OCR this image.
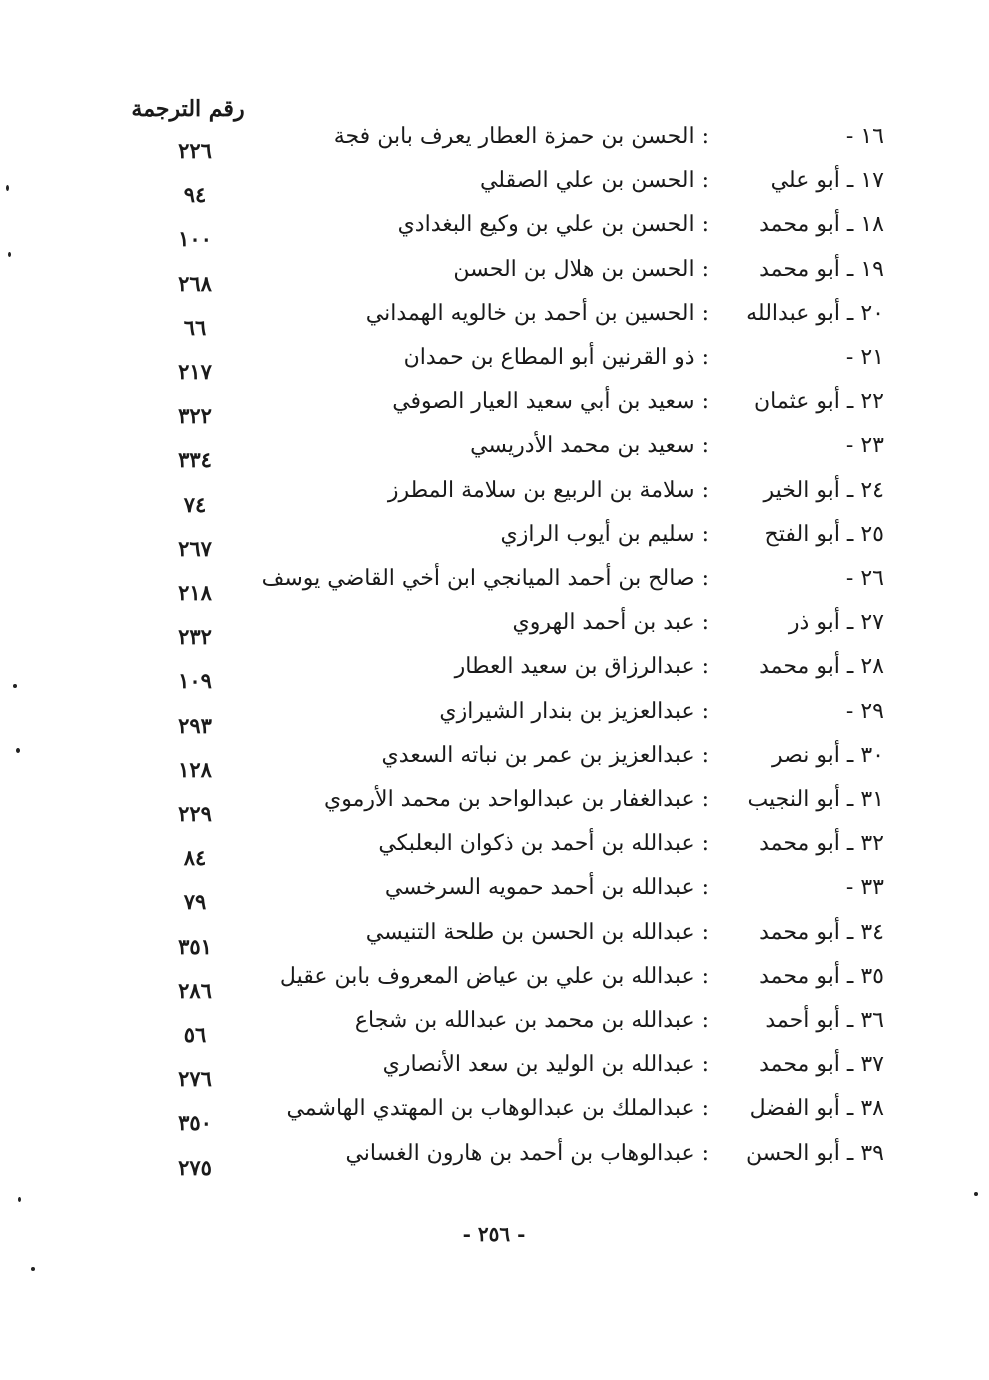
رقم الترجمة
١٦ -
: الحسن بن حمزة العطار يعرف بابن فجة
٢٢٦
١٧ ـ أبو علي
: الحسن بن علي الصقلي
٩٤
١٨ ـ أبو محمد
: الحسن بن علي بن وكيع البغدادي
١٠٠
١٩ ـ أبو محمد
: الحسن بن هلال بن الحسن
٢٦٨
٢٠ ـ أبو عبدالله
: الحسين بن أحمد بن خالويه الهمداني
٦٦
٢١ -
: ذو القرنين أبو المطاع بن حمدان
٢١٧
٢٢ ـ أبو عثمان
: سعيد بن أبي سعيد العيار الصوفي
٣٢٢
٢٣ -
: سعيد بن محمد الأدريسي
٣٣٤
٢٤ ـ أبو الخير
: سلامة بن الربيع بن سلامة المطرز
٧٤
٢٥ ـ أبو الفتح
: سليم بن أيوب الرازي
٢٦٧
٢٦ -
: صالح بن أحمد الميانجي ابن أخي القاضي يوسف
٢١٨
٢٧ ـ أبو ذر
: عبد بن أحمد الهروي
٢٣٢
٢٨ ـ أبو محمد
: عبدالرزاق بن سعيد العطار
١٠٩
٢٩ -
: عبدالعزيز بن بندار الشيرازي
٢٩٣
٣٠ ـ أبو نصر
: عبدالعزيز بن عمر بن نباته السعدي
١٢٨
٣١ ـ أبو النجيب
: عبدالغفار بن عبدالواحد بن محمد الأرموي
٢٢٩
٣٢ ـ أبو محمد
: عبدالله بن أحمد بن ذكوان البعلبكي
٨٤
٣٣ -
: عبدالله بن أحمد حمويه السرخسي
٧٩
٣٤ ـ أبو محمد
: عبدالله بن الحسن بن طلحة التنيسي
٣٥١
٣٥ ـ أبو محمد
: عبدالله بن علي بن عياض المعروف بابن عقيل
٢٨٦
٣٦ ـ أبو أحمد
: عبدالله بن محمد بن عبدالله بن شجاع
٥٦
٣٧ ـ أبو محمد
: عبدالله بن الوليد بن سعد الأنصاري
٢٧٦
٣٨ ـ أبو الفضل
: عبدالملك بن عبدالوهاب بن المهتدي الهاشمي
٣٥٠
٣٩ ـ أبو الحسن
: عبدالوهاب بن أحمد بن هارون الغساني
٢٧٥
- ٢٥٦ -
